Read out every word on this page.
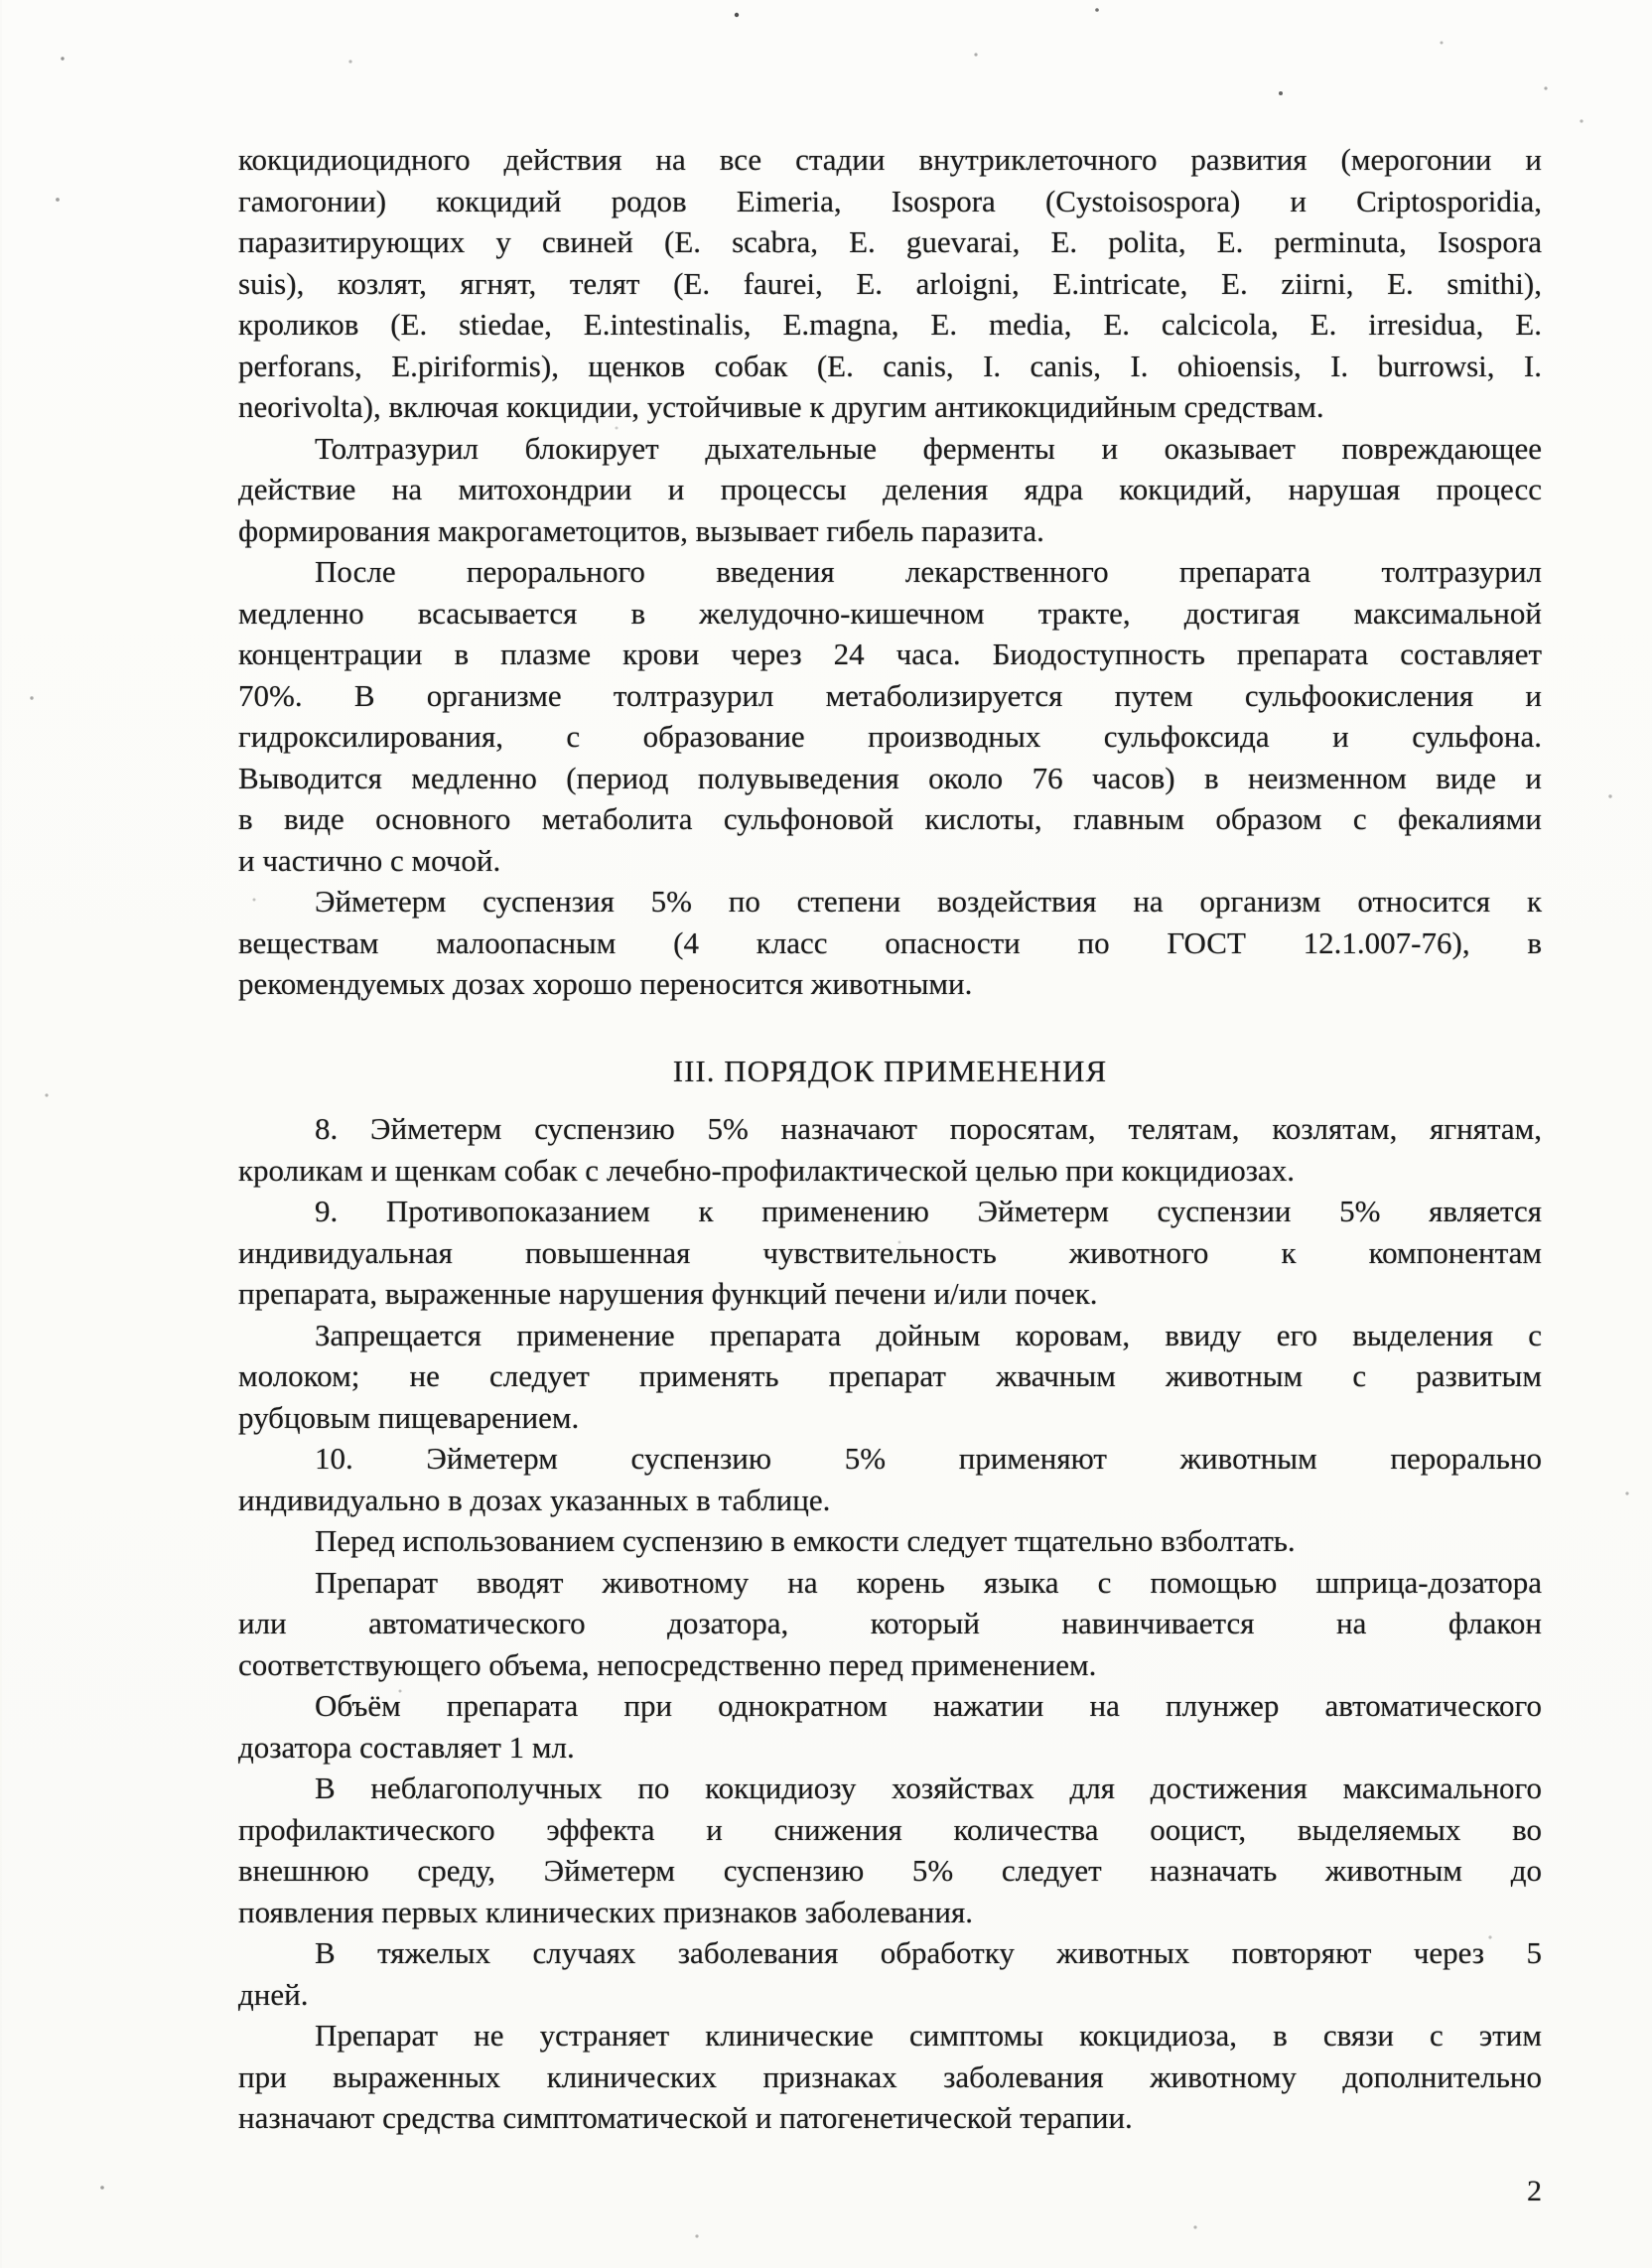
кокцидиоцидного действия на все стадии внутриклеточного развития (мерогонии и
гамогонии) кокцидий родов Eimeria, Isospora (Cystoisospora) и Criptosporidia,
паразитирующих у свиней (E. scabra, E. guevarai, E. polita, E. perminuta, Isospora
suis), козлят, ягнят, телят (E. faurei, E. arloigni, E.intricate, E. ziirni, E. smithi),
кроликов (E. stiedae, E.intestinalis, E.magna, E. media, E. calcicola, E. irresidua, E.
perforans, E.piriformis), щенков собак (E. canis, I. canis, I. ohioensis, I. burrowsi, I.
neorivolta), включая кокцидии, устойчивые к другим антикокцидийным средствам.
Толтразурил блокирует дыхательные ферменты и оказывает повреждающее
действие на митохондрии и процессы деления ядра кокцидий, нарушая процесс
формирования макрогаметоцитов, вызывает гибель паразита.
После перорального введения лекарственного препарата толтразурил
медленно всасывается в желудочно-кишечном тракте, достигая максимальной
концентрации в плазме крови через 24 часа. Биодоступность препарата составляет
70%. В организме толтразурил метаболизируется путем сульфоокисления и
гидроксилирования, с образование производных сульфоксида и сульфона.
Выводится медленно (период полувыведения около 76 часов) в неизменном виде и
в виде основного метаболита сульфоновой кислоты, главным образом с фекалиями
и частично с мочой.
Эйметерм суспензия 5% по степени воздействия на организм относится к
веществам малоопасным (4 класс опасности по ГОСТ 12.1.007-76), в
рекомендуемых дозах хорошо переносится животными.
III. ПОРЯДОК ПРИМЕНЕНИЯ
8. Эйметерм суспензию 5% назначают поросятам, телятам, козлятам, ягнятам,
кроликам и щенкам собак с лечебно-профилактической целью при кокцидиозах.
9. Противопоказанием к применению Эйметерм суспензии 5% является
индивидуальная повышенная чувствительность животного к компонентам
препарата, выраженные нарушения функций печени и/или почек.
Запрещается применение препарата дойным коровам, ввиду его выделения с
молоком; не следует применять препарат жвачным животным с развитым
рубцовым пищеварением.
10. Эйметерм суспензию 5% применяют животным перорально
индивидуально в дозах указанных в таблице.
Перед использованием суспензию в емкости следует тщательно взболтать.
Препарат вводят животному на корень языка с помощью шприца-дозатора
или автоматического дозатора, который навинчивается на флакон
соответствующего объема, непосредственно перед применением.
Объём препарата при однократном нажатии на плунжер автоматического
дозатора составляет 1 мл.
В неблагополучных по кокцидиозу хозяйствах для достижения максимального
профилактического эффекта и снижения количества ооцист, выделяемых во
внешнюю среду, Эйметерм суспензию 5% следует назначать животным до
появления первых клинических признаков заболевания.
В тяжелых случаях заболевания обработку животных повторяют через 5
дней.
Препарат не устраняет клинические симптомы кокцидиоза, в связи с этим
при выраженных клинических признаках заболевания животному дополнительно
назначают средства симптоматической и патогенетической терапии.
2
